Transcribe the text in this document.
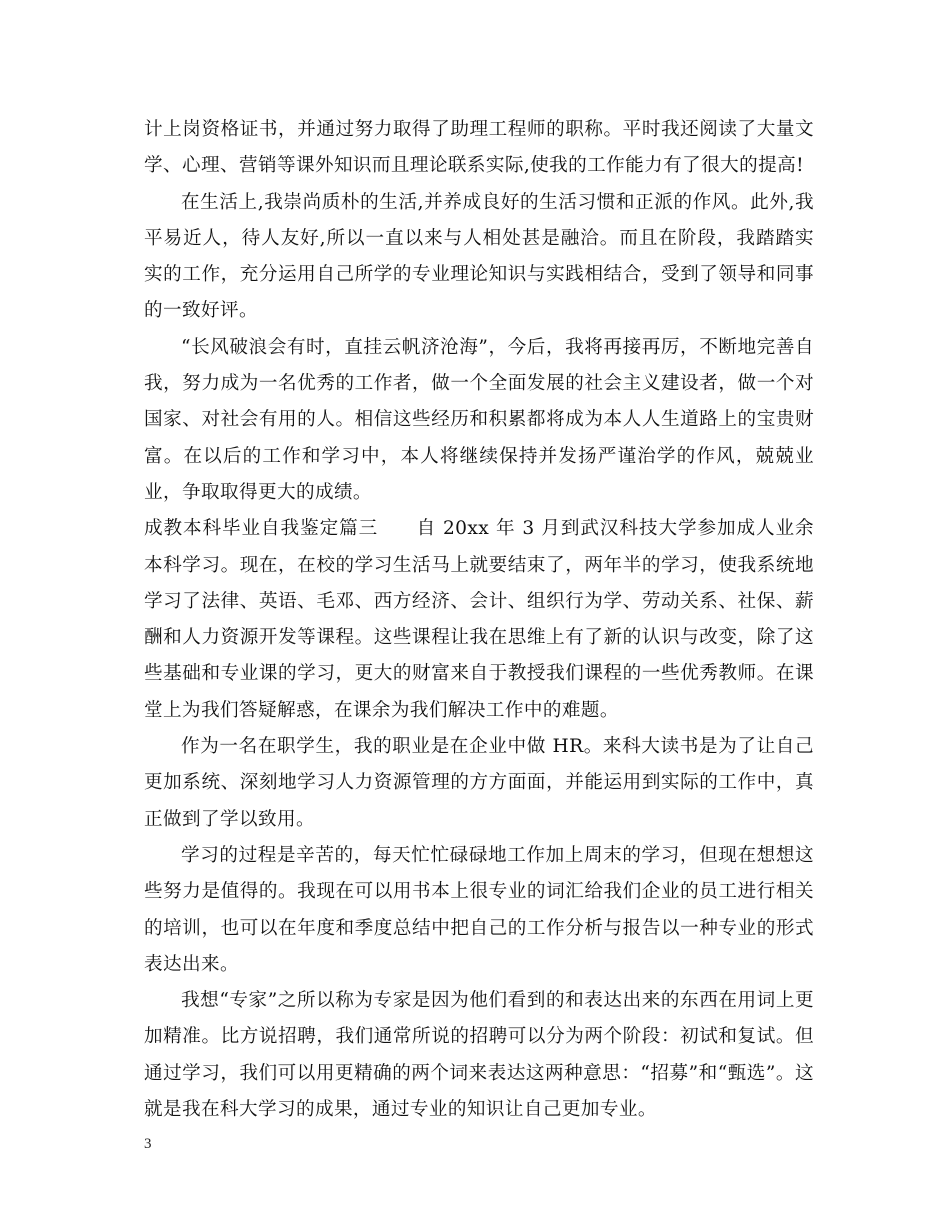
计上岗资格证书，并通过努力取得了助理工程师的职称。平时我还阅读了大量文学、心理、营销等课外知识而且理论联系实际,使我的工作能力有了很大的提高!

在生活上,我崇尚质朴的生活,并养成良好的生活习惯和正派的作风。此外,我平易近人，待人友好,所以一直以来与人相处甚是融洽。而且在阶段，我踏踏实实的工作，充分运用自己所学的专业理论知识与实践相结合，受到了领导和同事的一致好评。

“长风破浪会有时，直挂云帆济沧海”，今后，我将再接再厉，不断地完善自我，努力成为一名优秀的工作者，做一个全面发展的社会主义建设者，做一个对国家、对社会有用的人。相信这些经历和积累都将成为本人人生道路上的宝贵财富。在以后的工作和学习中，本人将继续保持并发扬严谨治学的作风，兢兢业业，争取取得更大的成绩。

成教本科毕业自我鉴定篇三 自 20xx 年 3 月到武汉科技大学参加成人业余本科学习。现在，在校的学习生活马上就要结束了，两年半的学习，使我系统地学习了法律、英语、毛邓、西方经济、会计、组织行为学、劳动关系、社保、薪酬和人力资源开发等课程。这些课程让我在思维上有了新的认识与改变，除了这些基础和专业课的学习，更大的财富来自于教授我们课程的一些优秀教师。在课堂上为我们答疑解惑，在课余为我们解决工作中的难题。

作为一名在职学生，我的职业是在企业中做 HR。来科大读书是为了让自己更加系统、深刻地学习人力资源管理的方方面面，并能运用到实际的工作中，真正做到了学以致用。

学习的过程是辛苦的，每天忙忙碌碌地工作加上周末的学习，但现在想想这些努力是值得的。我现在可以用书本上很专业的词汇给我们企业的员工进行相关的培训，也可以在年度和季度总结中把自己的工作分析与报告以一种专业的形式表达出来。

我想“专家”之所以称为专家是因为他们看到的和表达出来的东西在用词上更加精准。比方说招聘，我们通常所说的招聘可以分为两个阶段：初试和复试。但通过学习，我们可以用更精确的两个词来表达这两种意思：“招募”和“甄选”。这就是我在科大学习的成果，通过专业的知识让自己更加专业。

3
